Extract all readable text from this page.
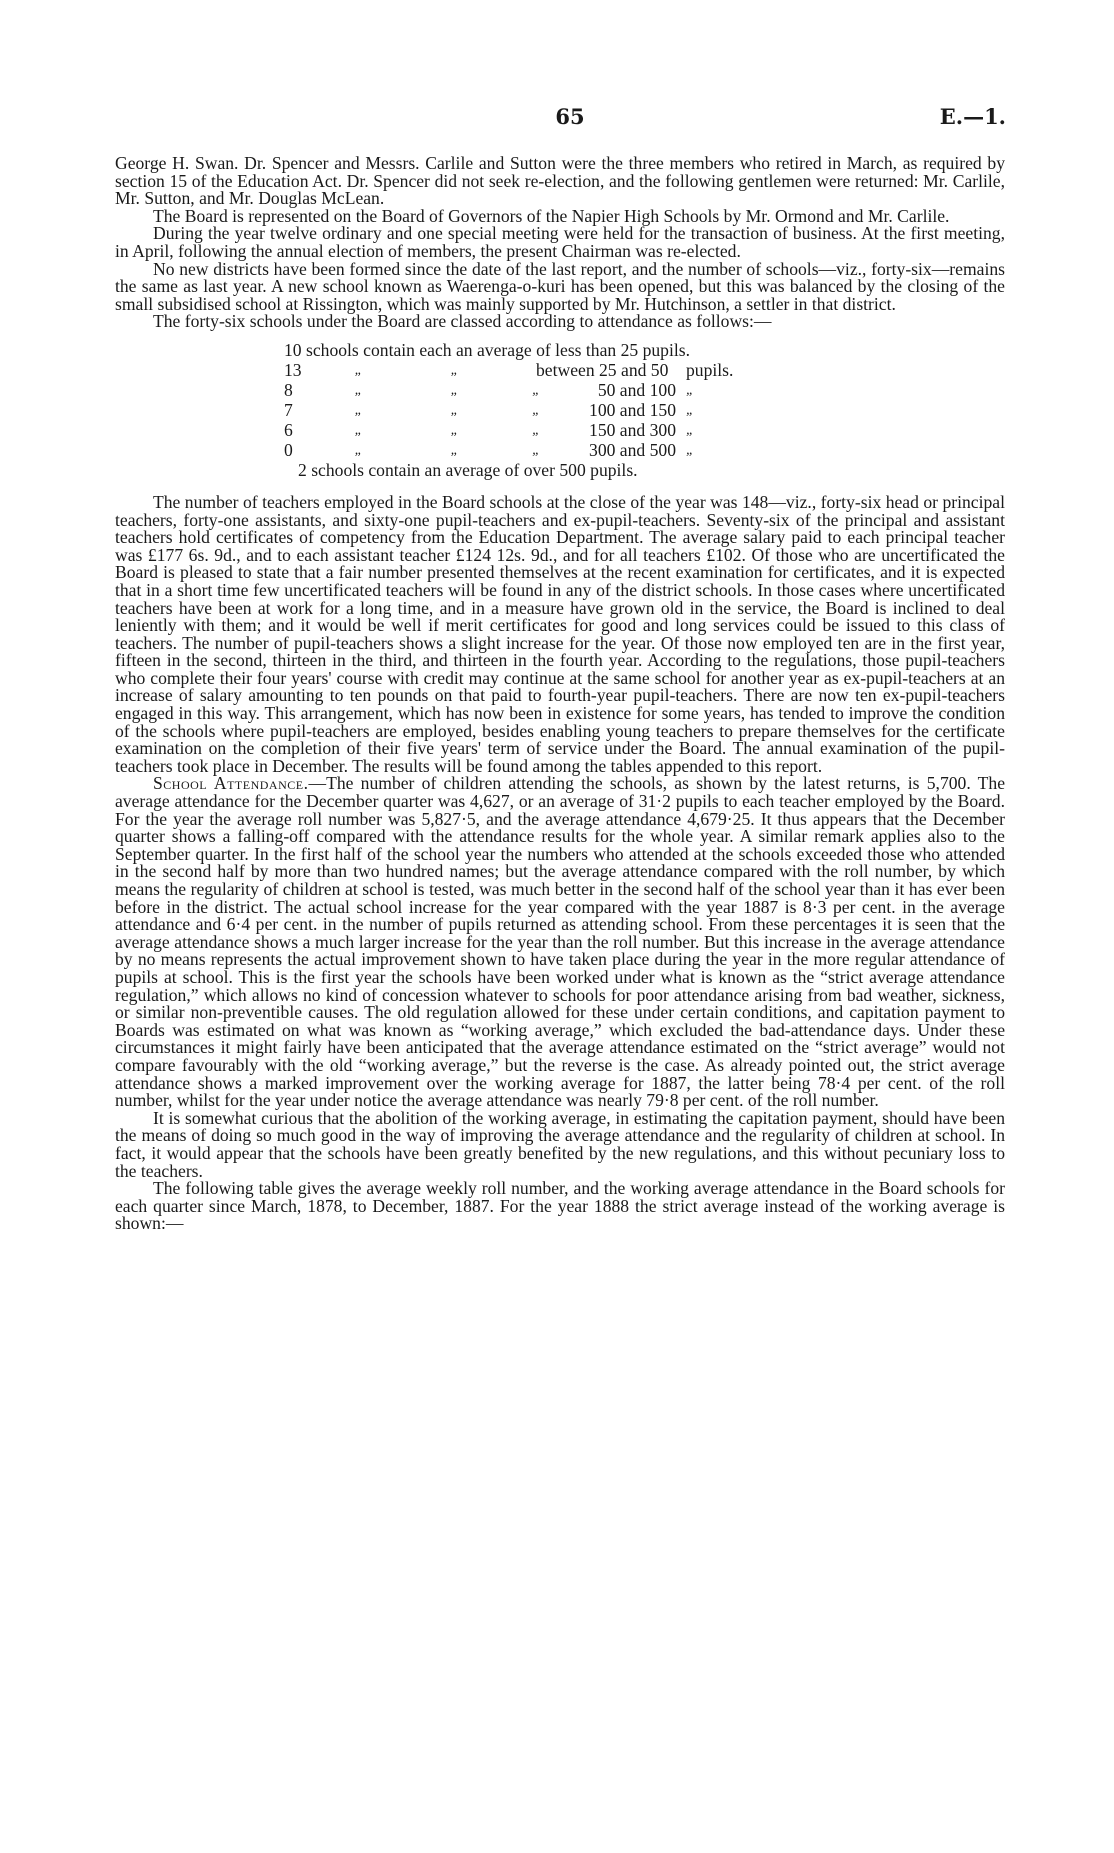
65	E.—1.

George H. Swan. Dr. Spencer and Messrs. Carlile and Sutton were the three members who retired in March, as required by section 15 of the Education Act. Dr. Spencer did not seek re-election, and the following gentlemen were returned: Mr. Carlile, Mr. Sutton, and Mr. Douglas McLean.

The Board is represented on the Board of Governors of the Napier High Schools by Mr. Ormond and Mr. Carlile.

During the year twelve ordinary and one special meeting were held for the transaction of business. At the first meeting, in April, following the annual election of members, the present Chairman was re-elected.

No new districts have been formed since the date of the last report, and the number of schools—viz., forty-six—remains the same as last year. A new school known as Waerenga-o-kuri has been opened, but this was balanced by the closing of the small subsidised school at Rissington, which was mainly supported by Mr. Hutchinson, a settler in that district.

The forty-six schools under the Board are classed according to attendance as follows:—

10 schools contain each an average of less than 25 pupils.					
13	„	„	between 25 and 50		pupils.
8	„	„	„	50 and 100	„
7	„	„	„	100 and 150	„
6	„	„	„	150 and 300	„
0	„	„	„	300 and 500	„
2 schools contain an average of over 500 pupils.					

The number of teachers employed in the Board schools at the close of the year was 148—viz., forty-six head or principal teachers, forty-one assistants, and sixty-one pupil-teachers and ex-pupil-teachers. Seventy-six of the principal and assistant teachers hold certificates of competency from the Education Department. The average salary paid to each principal teacher was £177 6s. 9d., and to each assistant teacher £124 12s. 9d., and for all teachers £102. Of those who are uncertificated the Board is pleased to state that a fair number presented themselves at the recent examination for certificates, and it is expected that in a short time few uncertificated teachers will be found in any of the district schools. In those cases where uncertificated teachers have been at work for a long time, and in a measure have grown old in the service, the Board is inclined to deal leniently with them; and it would be well if merit certificates for good and long services could be issued to this class of teachers. The number of pupil-teachers shows a slight increase for the year. Of those now employed ten are in the first year, fifteen in the second, thirteen in the third, and thirteen in the fourth year. According to the regulations, those pupil-teachers who complete their four years' course with credit may continue at the same school for another year as ex-pupil-teachers at an increase of salary amounting to ten pounds on that paid to fourth-year pupil-teachers. There are now ten ex-pupil-teachers engaged in this way. This arrangement, which has now been in existence for some years, has tended to improve the condition of the schools where pupil-teachers are employed, besides enabling young teachers to prepare themselves for the certificate examination on the completion of their five years' term of service under the Board. The annual examination of the pupil-teachers took place in December. The results will be found among the tables appended to this report.

School Attendance.—The number of children attending the schools, as shown by the latest returns, is 5,700. The average attendance for the December quarter was 4,627, or an average of 31·2 pupils to each teacher employed by the Board. For the year the average roll number was 5,827·5, and the average attendance 4,679·25. It thus appears that the December quarter shows a falling-off compared with the attendance results for the whole year. A similar remark applies also to the September quarter. In the first half of the school year the numbers who attended at the schools exceeded those who attended in the second half by more than two hundred names; but the average attendance compared with the roll number, by which means the regularity of children at school is tested, was much better in the second half of the school year than it has ever been before in the district. The actual school increase for the year compared with the year 1887 is 8·3 per cent. in the average attendance and 6·4 per cent. in the number of pupils returned as attending school. From these percentages it is seen that the average attendance shows a much larger increase for the year than the roll number. But this increase in the average attendance by no means represents the actual improvement shown to have taken place during the year in the more regular attendance of pupils at school. This is the first year the schools have been worked under what is known as the “strict average attendance regulation,” which allows no kind of concession whatever to schools for poor attendance arising from bad weather, sickness, or similar non-preventible causes. The old regulation allowed for these under certain conditions, and capitation payment to Boards was estimated on what was known as “working average,” which excluded the bad-attendance days. Under these circumstances it might fairly have been anticipated that the average attendance estimated on the “strict average” would not compare favourably with the old “working average,” but the reverse is the case. As already pointed out, the strict average attendance shows a marked improvement over the working average for 1887, the latter being 78·4 per cent. of the roll number, whilst for the year under notice the average attendance was nearly 79·8 per cent. of the roll number.

It is somewhat curious that the abolition of the working average, in estimating the capitation payment, should have been the means of doing so much good in the way of improving the average attendance and the regularity of children at school. In fact, it would appear that the schools have been greatly benefited by the new regulations, and this without pecuniary loss to the teachers.

The following table gives the average weekly roll number, and the working average attendance in the Board schools for each quarter since March, 1878, to December, 1887. For the year 1888 the strict average instead of the working average is shown:—
